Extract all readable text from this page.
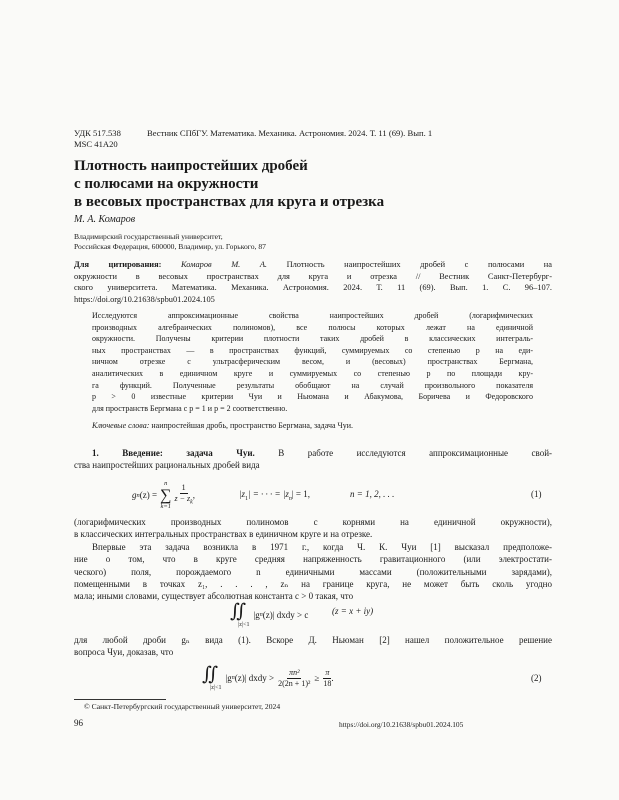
УДК 517.538	Вестник СПбГУ. Математика. Механика. Астрономия. 2024. Т. 11 (69). Вып. 1
MSC 41A20
Плотность наипростейших дробей
с полюсами на окружности
в весовых пространствах для круга и отрезка
М. А. Комаров
Владимирский государственный университет,
Российская Федерация, 600000, Владимир, ул. Горького, 87
Для цитирования: Комаров М. А. Плотность наипростейших дробей с полюсами на
окружности в весовых пространствах для круга и отрезка // Вестник Санкт-Петербург-
ского университета. Математика. Механика. Астрономия. 2024. Т. 11 (69). Вып. 1. С. 96–107.
https://doi.org/10.21638/spbu01.2024.105
Исследуются аппроксимационные свойства наипростейших дробей (логарифмических
производных алгебраических полиномов), все полюсы которых лежат на единичной
окружности. Получены критерии плотности таких дробей в классических интеграль-
ных пространствах — в пространствах функций, суммируемых со степенью p на еди-
ничном отрезке с ультрасферическим весом, и (весовых) пространствах Бергмана,
аналитических в единичном круге и суммируемых со степенью p по площади кру-
га функций. Полученные результаты обобщают на случай произвольного показателя
p > 0 известные критерии Чуи и Ньюмана и Абакумова, Боричева и Федоровского
для пространств Бергмана с p = 1 и p = 2 соответственно.
Ключевые слова: наипростейшая дробь, пространство Бергмана, задача Чуи.
1. Введение: задача Чуи.	В работе исследуются аппроксимационные свой-
ства наипростейших рациональных дробей вида
g n (z) =
n
∑
$k=1 \frac{1}{z - z_k}$ ,	$|z_1|$ = · · · = $|z_n| = 1$,	n = 1, 2, . . .	(1)
(логарифмических производных полиномов с корнями на единичной окружности),
в классических интегральных пространствах в единичном круге и на отрезке.
Впервые эта задача возникла в 1971 г., когда Ч. К. Чуи [1] высказал предположе-
ние о том, что в круге средняя напряженность гравитационного (или электростати-
ческого) поля, порождаемого n единичными массами (положительными зарядами),
помещенными в точках z₁, . . . , zₙ на границе круга, не может быть сколь угодно
мала; иными словами, существует абсолютная константа c > 0 такая, что
∬
|z|<1
|g n (z)| dxdy > c	(z = x + iy)
для любой дроби gₙ вида (1). Вскоре Д. Ньюман [2] нашел положительное решение
вопроса Чуи, доказав, что
∬
|z|<1
|g n (z)| dxdy > $\frac{\text{πn²}}{\text{2(2n + 1)²}} \ge \frac{\pi}{18}$ .	(2)
© Санкт-Петербургский государственный университет, 2024
96	https://doi.org/10.21638/spbu01.2024.105
